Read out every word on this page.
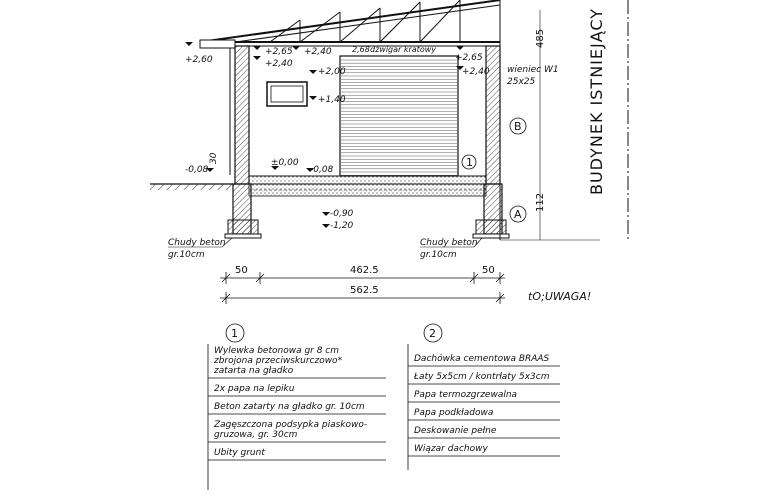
+2,60
+2,65
+2,40
+2,40	2,68 dźwigar kratowy
+2,65
+2,40
+2,00
+1,40
±0,00
-0,08	-0,08
-0,90
-1,20
wieniec W1
25x25
485
112
30
B
A
1
Chudy beton
gr.10cm
Chudy beton
gr.10cm
BUDYNEK ISTNIEJĄCY
50	462.5	50
562.5	tO;UWAGA!
1
Wylewka betonowa gr 8 cm
zbrojona przeciwskurczowo*
zatarta na gładko
2x papa na lepiku
Beton zatarty na gładko gr. 10cm
Zagęszczona podsypka piaskowo-
gruzowa, gr. 30cm
Ubity grunt
2
Dachówka cementowa BRAAS
Łaty 5x5cm / kontrłaty 5x3cm
Papa termozgrzewalna
Papa podkładowa
Deskowanie pełne
Wiązar dachowy
